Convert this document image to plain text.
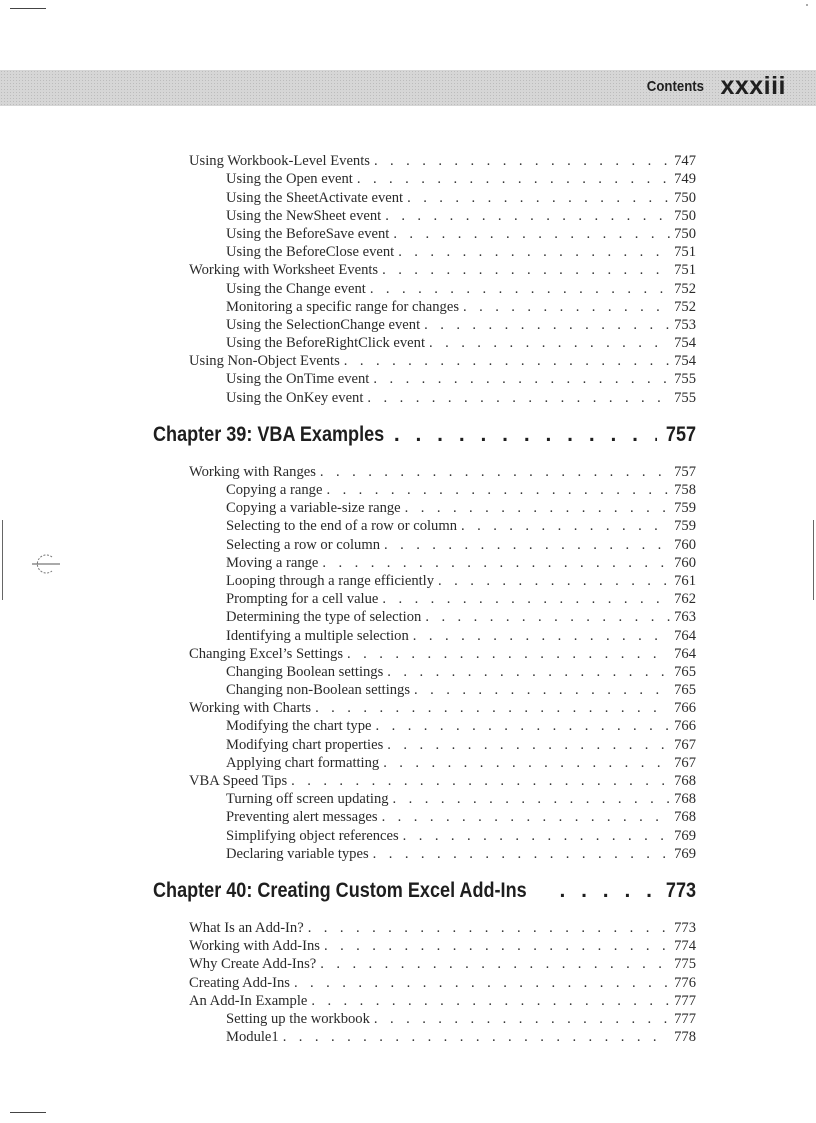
Contents xxxiii
Using Workbook-Level Events . . .	747
Using the Open event . . .	749
Using the SheetActivate event . . .	750
Using the NewSheet event . . .	750
Using the BeforeSave event . . .	750
Using the BeforeClose event . . .	751
Working with Worksheet Events . . .	751
Using the Change event . . .	752
Monitoring a specific range for changes . . .	752
Using the SelectionChange event . . .	753
Using the BeforeRightClick event . . .	754
Using Non-Object Events . . .	754
Using the OnTime event . . .	755
Using the OnKey event . . .	755
Chapter 39: VBA Examples . . .	757
Working with Ranges . . .	757
Copying a range . . .	758
Copying a variable-size range . . .	759
Selecting to the end of a row or column . . .	759
Selecting a row or column . . .	760
Moving a range . . .	760
Looping through a range efficiently . . .	761
Prompting for a cell value . . .	762
Determining the type of selection . . .	763
Identifying a multiple selection . . .	764
Changing Excel’s Settings . . .	764
Changing Boolean settings . . .	765
Changing non-Boolean settings . . .	765
Working with Charts . . .	766
Modifying the chart type . . .	766
Modifying chart properties . . .	767
Applying chart formatting . . .	767
VBA Speed Tips . . .	768
Turning off screen updating . . .	768
Preventing alert messages . . .	768
Simplifying object references . . .	769
Declaring variable types . . .	769
Chapter 40: Creating Custom Excel Add-Ins . . .	773
What Is an Add-In? . . .	773
Working with Add-Ins . . .	774
Why Create Add-Ins? . . .	775
Creating Add-Ins . . .	776
An Add-In Example . . .	777
Setting up the workbook . . .	777
Module1 . . .	778
